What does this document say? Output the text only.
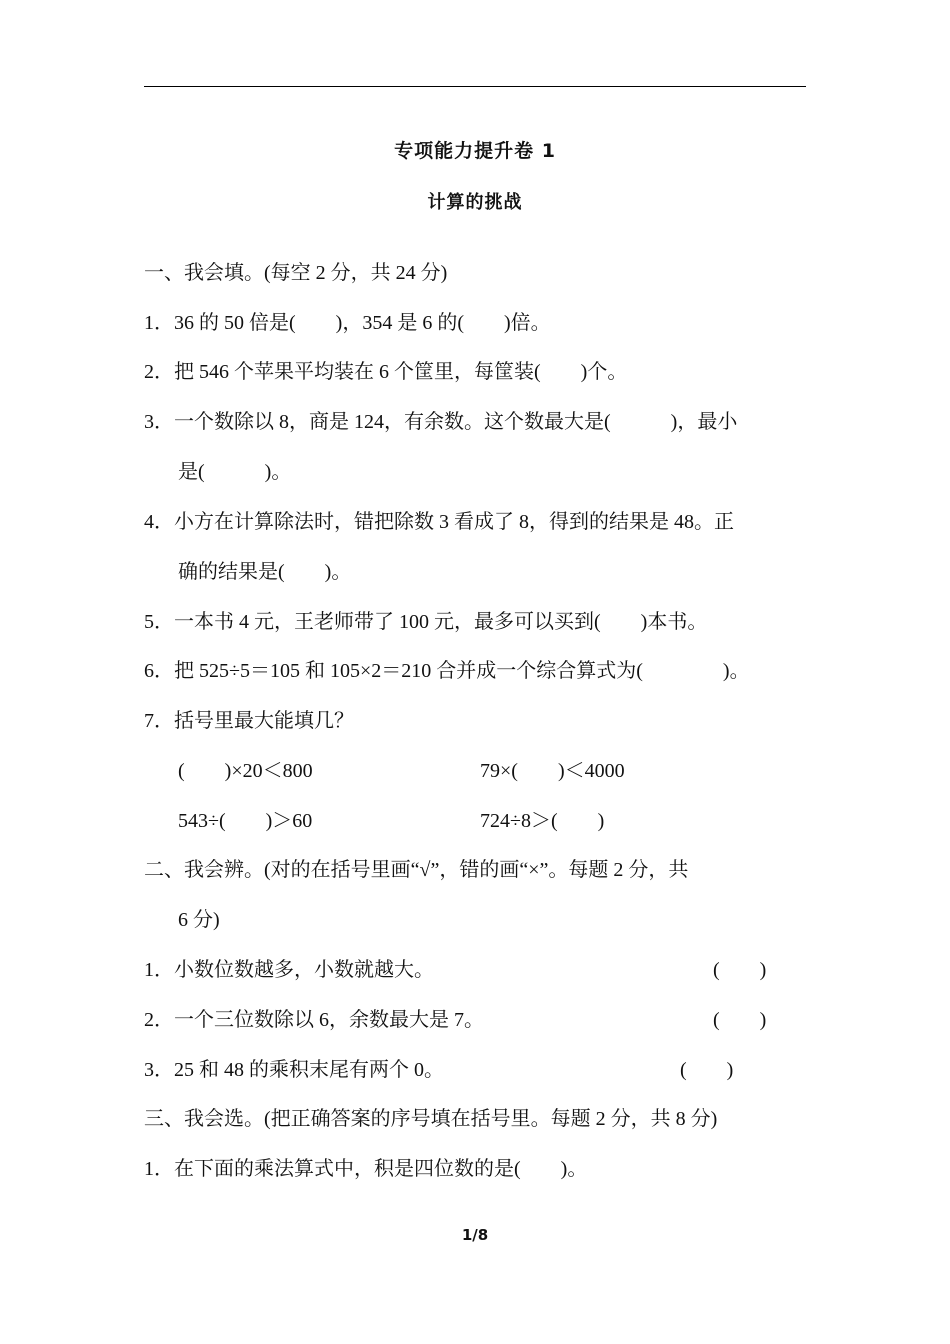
专项能力提升卷 1
计算的挑战
一、我会填。(每空 2 分，共 24 分)
1．36 的 50 倍是(　　)，354 是 6 的(　　)倍。
2．把 546 个苹果平均装在 6 个筐里，每筐装(　　)个。
3．一个数除以 8，商是 124，有余数。这个数最大是(　　　)，最小
是(　　　)。
4．小方在计算除法时，错把除数 3 看成了 8，得到的结果是 48。正
确的结果是(　　)。
5．一本书 4 元，王老师带了 100 元，最多可以买到(　　)本书。
6．把 525÷5＝105 和 105×2＝210 合并成一个综合算式为(　　　　)。
7．括号里最大能填几？
(　　)×20＜800	79×(　　)＜4000
543÷(　　)＞60	724÷8＞(　　)
二、我会辨。(对的在括号里画“√”，错的画“×”。每题 2 分，共
6 分)
1．小数位数越多，小数就越大。	(　　)
2．一个三位数除以 6，余数最大是 7。	(　　)
3．25 和 48 的乘积末尾有两个 0。	(　　)
三、我会选。(把正确答案的序号填在括号里。每题 2 分，共 8 分)
1．在下面的乘法算式中，积是四位数的是(　　)。
1/8
